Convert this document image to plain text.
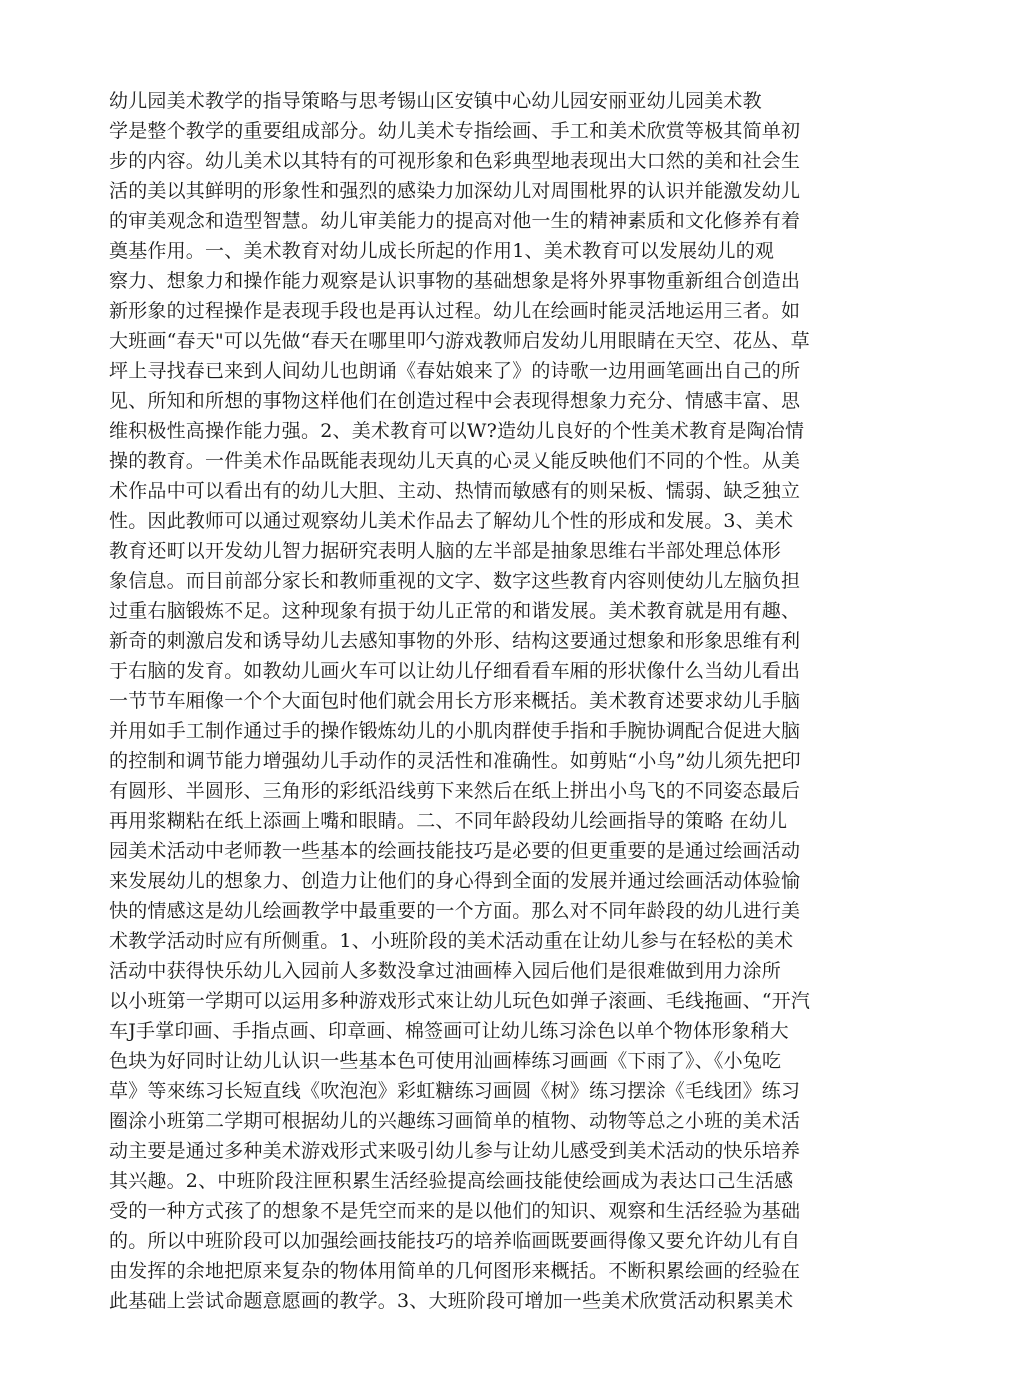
幼儿园美术教学的指导策略与思考锡山区安镇中心幼儿园安丽亚幼儿园美术教
学是整个教学的重要组成部分。幼儿美术专指绘画、手工和美术欣赏等极其简单初
步的内容。幼儿美术以其特有的可视形象和色彩典型地表现出大口然的美和社会生
活的美以其鲜明的形象性和强烈的感染力加深幼儿对周围枇界的认识并能激发幼儿
的审美观念和造型智慧。幼儿审美能力的提高对他一生的精神素质和文化修养有着
奠基作用。一、美术教育对幼儿成长所起的作用1、美术教育可以发展幼儿的观
察力、想象力和操作能力观察是认识事物的基础想象是将外界事物重新组合创造出
新形象的过程操作是表现手段也是再认过程。幼儿在绘画时能灵活地运用三者。如
大班画“春天"可以先做“春天在哪里叩勺游戏教师启发幼儿用眼睛在天空、花丛、草
坪上寻找春已来到人间幼儿也朗诵《春姑娘来了》的诗歌一边用画笔画出自己的所
见、所知和所想的事物这样他们在创造过程中会表现得想象力充分、情感丰富、思
维积极性高操作能力强。2、美术教育可以W?造幼儿良好的个性美术教育是陶冶情
操的教育。一件美术作品既能表现幼儿天真的心灵乂能反映他们不同的个性。从美
术作品中可以看出有的幼儿大胆、主动、热情而敏感有的则呆板、懦弱、缺乏独立
性。因此教师可以通过观察幼儿美术作品去了解幼儿个性的形成和发展。3、美术
教育还町以开发幼儿智力据研究表明人脑的左半部是抽象思维右半部处理总体形
象信息。而目前部分家长和教师重视的文字、数字这些教育内容则使幼儿左脑负担
过重右脑锻炼不足。这种现象有损于幼儿正常的和谐发展。美术教育就是用有趣、
新奇的刺激启发和诱导幼儿去感知事物的外形、结构这要通过想象和形象思维有利
于右脑的发育。如教幼儿画火车可以让幼儿仔细看看车厢的形状像什么当幼儿看出
一节节车厢像一个个大面包时他们就会用长方形来概括。美术教育述要求幼儿手脑
并用如手工制作通过手的操作锻炼幼儿的小肌肉群使手指和手腕协调配合促进大脑
的控制和调节能力增强幼儿手动作的灵活性和准确性。如剪贴“小鸟”幼儿须先把印
有圆形、半圆形、三角形的彩纸沿线剪下来然后在纸上拼出小鸟飞的不同姿态最后
再用浆糊粘在纸上添画上嘴和眼睛。二、不同年龄段幼儿绘画指导的策略 在幼儿
园美术活动中老师教一些基本的绘画技能技巧是必要的但更重要的是通过绘画活动
来发展幼儿的想象力、创造力让他们的身心得到全面的发展并通过绘画活动体验愉
快的情感这是幼儿绘画教学中最重要的一个方面。那么对不同年龄段的幼儿进行美
术教学活动时应有所侧重。1、小班阶段的美术活动重在让幼儿参与在轻松的美术
活动中获得快乐幼儿入园前人多数没拿过油画棒入园后他们是很难做到用力涂所
以小班第一学期可以运用多种游戏形式來让幼儿玩色如弹子滚画、毛线拖画、“开汽
车J手掌印画、手指点画、印章画、棉签画可让幼儿练习涂色以单个物体形象稍大
色块为好同时让幼儿认识一些基本色可使用汕画棒练习画画《下雨了》、《小兔吃
草》等來练习长短直线《吹泡泡》彩虹糖练习画圆《树》练习摆涂《毛线团》练习
圈涂小班第二学期可根据幼儿的兴趣练习画简单的植物、动物等总之小班的美术活
动主要是通过多种美术游戏形式来吸引幼儿参与让幼儿感受到美术活动的快乐培养
其兴趣。2、中班阶段注匣积累生活经验提高绘画技能使绘画成为表达口己生活感
受的一种方式孩了的想象不是凭空而来的是以他们的知识、观察和生活经验为基础
的。所以中班阶段可以加强绘画技能技巧的培养临画既要画得像又要允许幼儿有自
由发挥的余地把原来复杂的物体用简单的几何图形来概括。不断积累绘画的经验在
此基础上尝试命题意愿画的教学。3、大班阶段可增加一些美术欣赏活动积累美术
